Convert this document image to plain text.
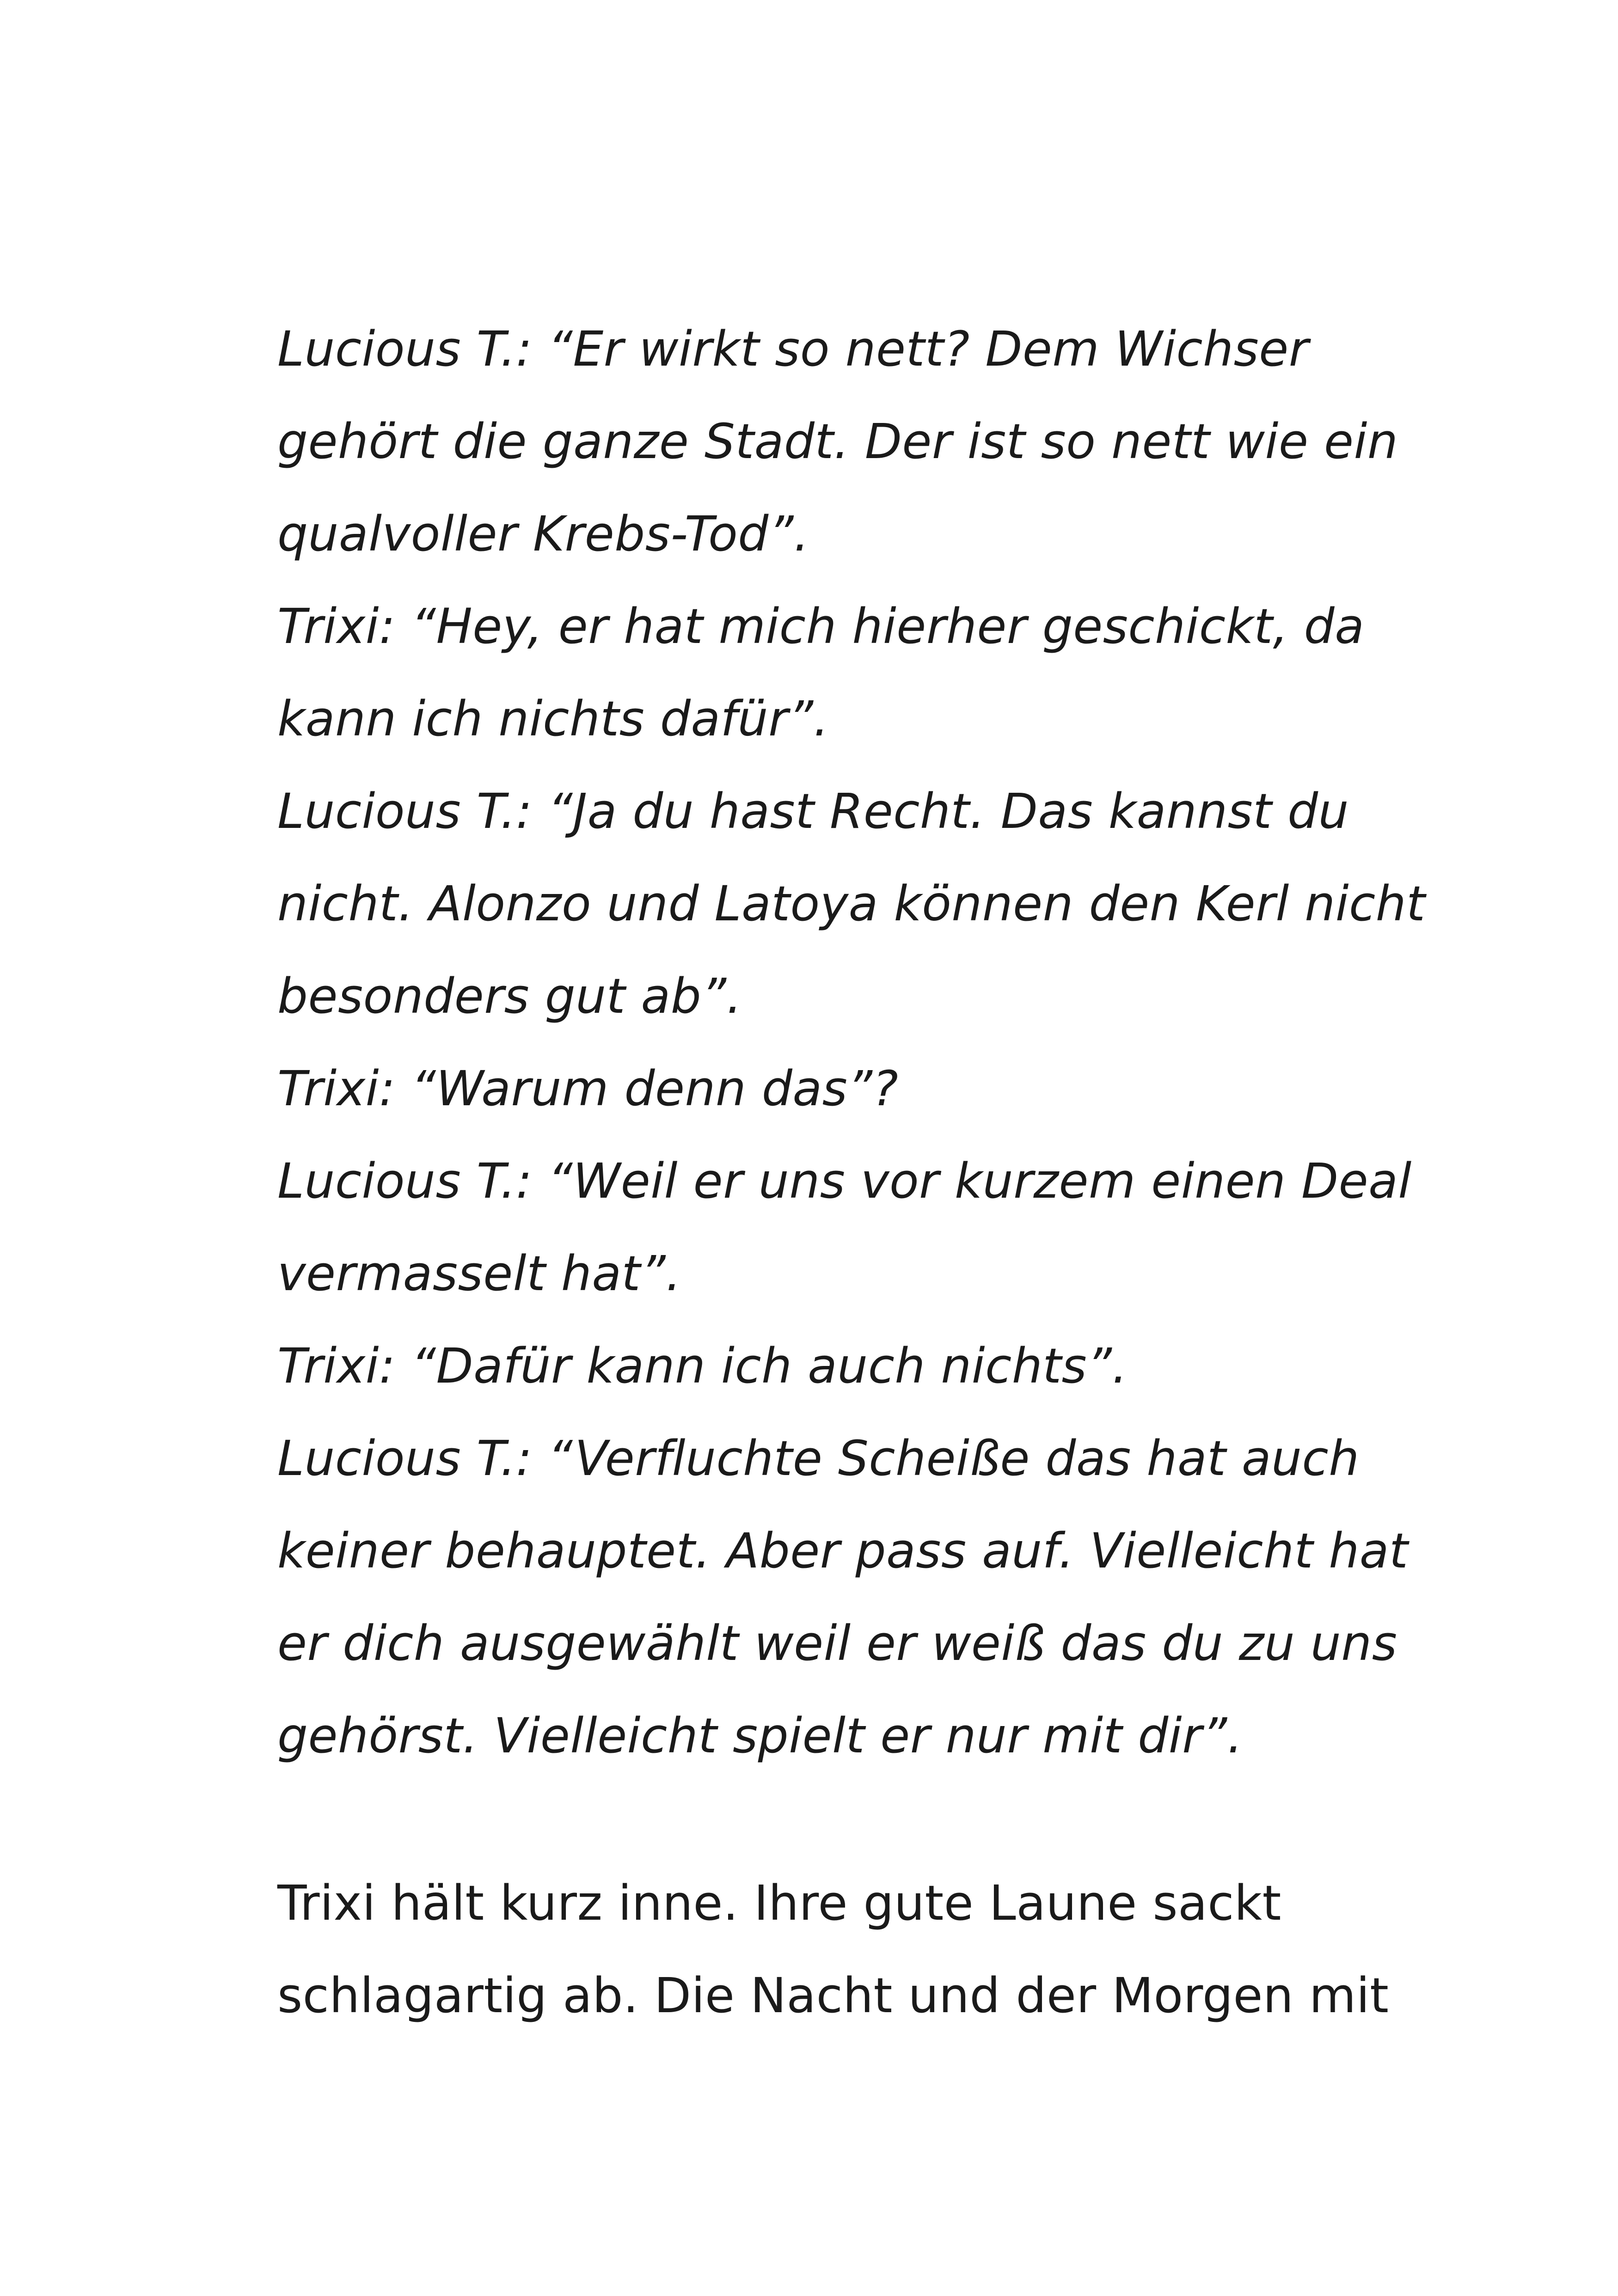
Lucious T.: “Er wirkt so nett? Dem Wichser
gehört die ganze Stadt. Der ist so nett wie ein
qualvoller Krebs-Tod”.
Trixi: “Hey, er hat mich hierher geschickt, da
kann ich nichts dafür”.
Lucious T.: “Ja du hast Recht. Das kannst du
nicht. Alonzo und Latoya können den Kerl nicht
besonders gut ab”.
Trixi: “Warum denn das”?
Lucious T.: “Weil er uns vor kurzem einen Deal
vermasselt hat”.
Trixi: “Dafür kann ich auch nichts”.
Lucious T.: “Verfluchte Scheiße das hat auch
keiner behauptet. Aber pass auf. Vielleicht hat
er dich ausgewählt weil er weiß das du zu uns
gehörst. Vielleicht spielt er nur mit dir”.
Trixi hält kurz inne. Ihre gute Laune sackt
schlagartig ab. Die Nacht und der Morgen mit
